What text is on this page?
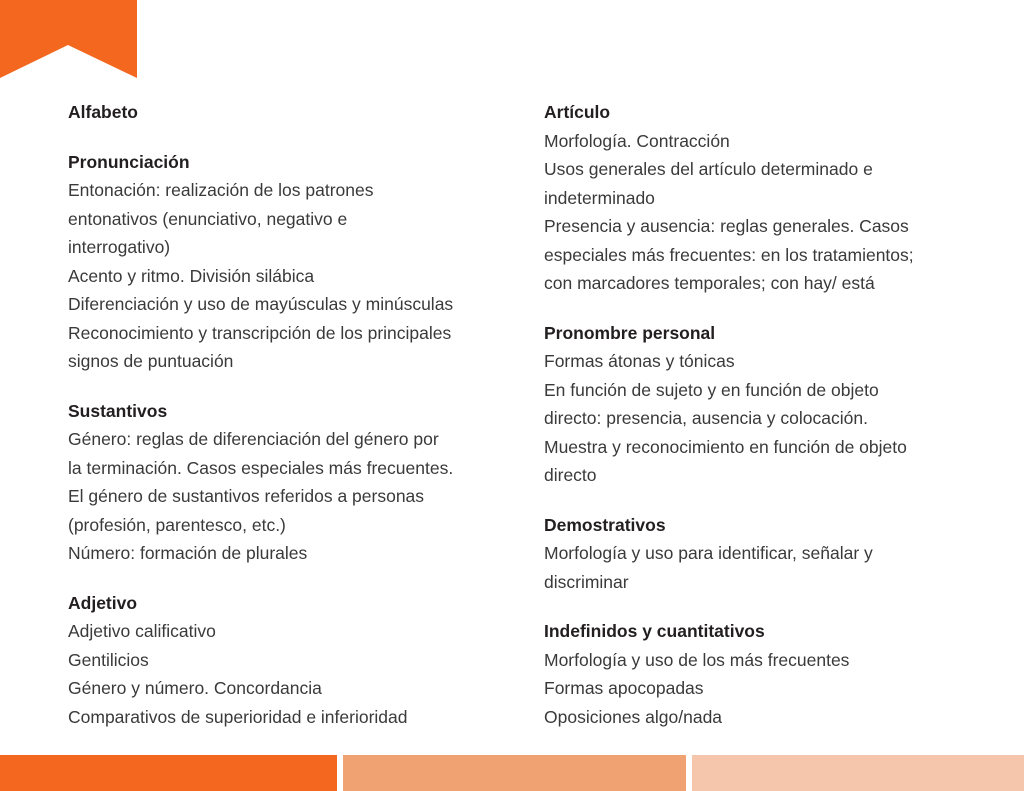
Alfabeto

Pronunciación

Entonación: realización de los patrones

entonativos (enunciativo, negativo e

interrogativo)

Acento y ritmo. División silábica

Diferenciación y uso de mayúsculas y minúsculas

Reconocimiento y transcripción de los principales

signos de puntuación

Sustantivos

Género: reglas de diferenciación del género por

la terminación. Casos especiales más frecuentes.

El género de sustantivos referidos a personas

(profesión, parentesco, etc.)

Número: formación de plurales

Adjetivo

Adjetivo calificativo

Gentilicios

Género y número. Concordancia

Comparativos de superioridad e inferioridad

Artículo

Morfología. Contracción

Usos generales del artículo determinado e

indeterminado

Presencia y ausencia: reglas generales. Casos

especiales más frecuentes: en los tratamientos;

con marcadores temporales; con hay/ está

Pronombre personal

Formas átonas y tónicas

En función de sujeto y en función de objeto

directo: presencia, ausencia y colocación.

Muestra y reconocimiento en función de objeto

directo

Demostrativos

Morfología y uso para identificar, señalar y

discriminar

Indefinidos y cuantitativos

Morfología y uso de los más frecuentes

Formas apocopadas

Oposiciones algo/nada
